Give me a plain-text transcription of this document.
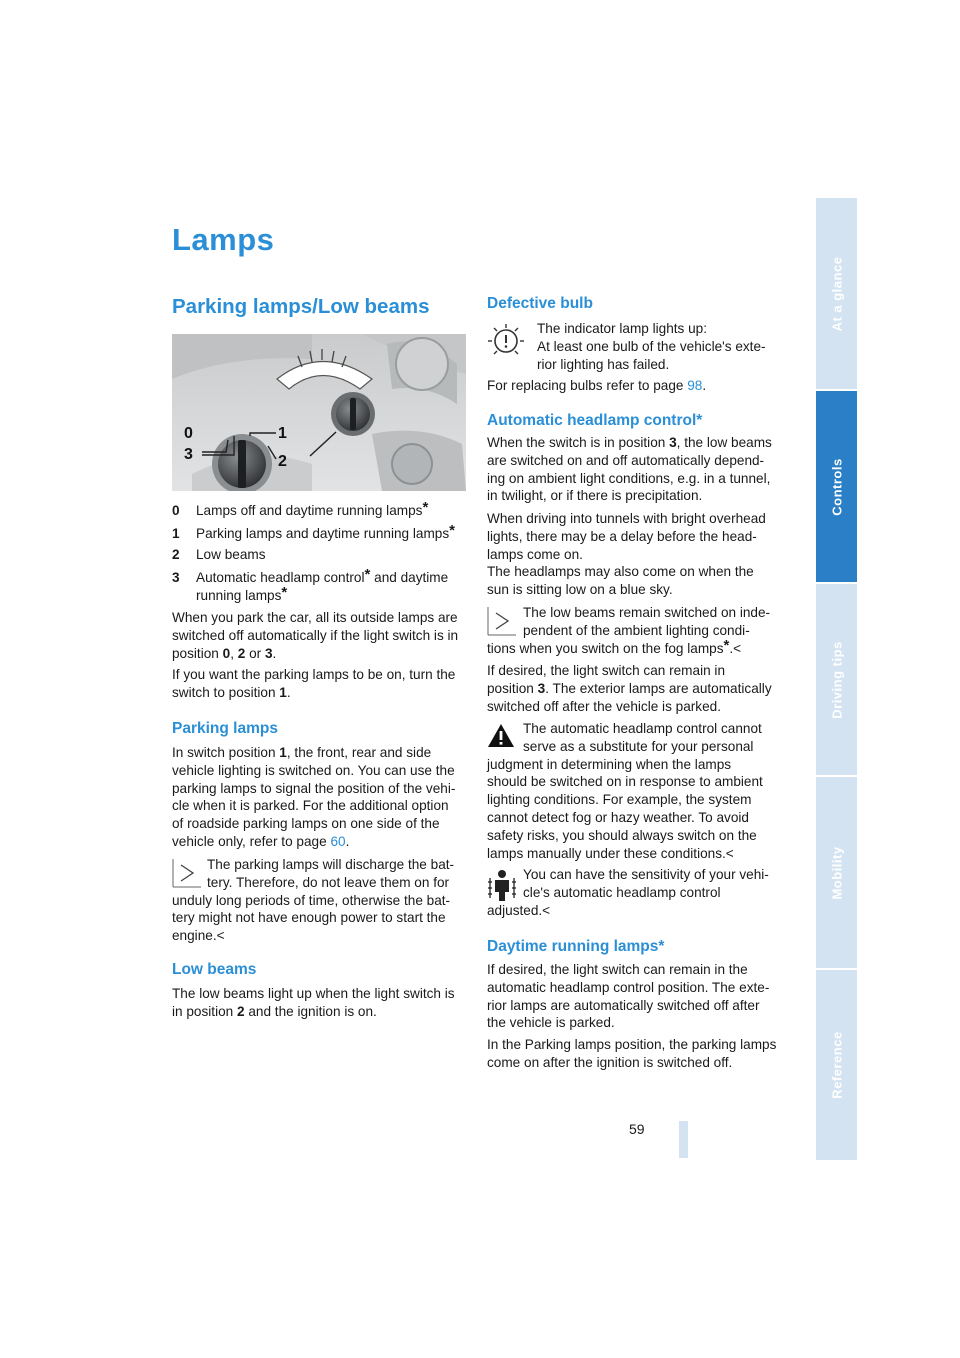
Lamps
Parking lamps/Low beams
0	1
3	2
0 Lamps off and daytime running lamps*
1 Parking lamps and daytime running lamps*
2 Low beams
3 Automatic headlamp control* and daytime
running lamps*

When you park the car, all its outside lamps are
switched off automatically if the light switch is in
position 0, 2 or 3.

If you want the parking lamps to be on, turn the
switch to position 1.

Parking lamps

In switch position 1, the front, rear and side
vehicle lighting is switched on. You can use the
parking lamps to signal the position of the vehi-
cle when it is parked. For the additional option
of roadside parking lamps on one side of the
vehicle only, refer to page 60.

The parking lamps will discharge the bat-
tery. Therefore, do not leave them on for
unduly long periods of time, otherwise the bat-
tery might not have enough power to start the
engine.<

Low beams

The low beams light up when the light switch is
in position 2 and the ignition is on.

Defective bulb

The indicator lamp lights up:
At least one bulb of the vehicle's exte-
rior lighting has failed.

For replacing bulbs refer to page 98.

Automatic headlamp control*

When the switch is in position 3, the low beams
are switched on and off automatically depend-
ing on ambient light conditions, e.g. in a tunnel,
in twilight, or if there is precipitation.

When driving into tunnels with bright overhead
lights, there may be a delay before the head-
lamps come on.
The headlamps may also come on when the
sun is sitting low on a blue sky.

The low beams remain switched on inde-
pendent of the ambient lighting condi-
tions when you switch on the fog lamps*.<

If desired, the light switch can remain in
position 3. The exterior lamps are automatically
switched off after the vehicle is parked.

The automatic headlamp control cannot
serve as a substitute for your personal
judgment in determining when the lamps
should be switched on in response to ambient
lighting conditions. For example, the system
cannot detect fog or hazy weather. To avoid
safety risks, you should always switch on the
lamps manually under these conditions.<

You can have the sensitivity of your vehi-
cle's automatic headlamp control
adjusted.<

Daytime running lamps*

If desired, the light switch can remain in the
automatic headlamp control position. The exte-
rior lamps are automatically switched off after
the vehicle is parked.

In the Parking lamps position, the parking lamps
come on after the ignition is switched off.

At a glance
Controls
Driving tips
Mobility
Reference
59
